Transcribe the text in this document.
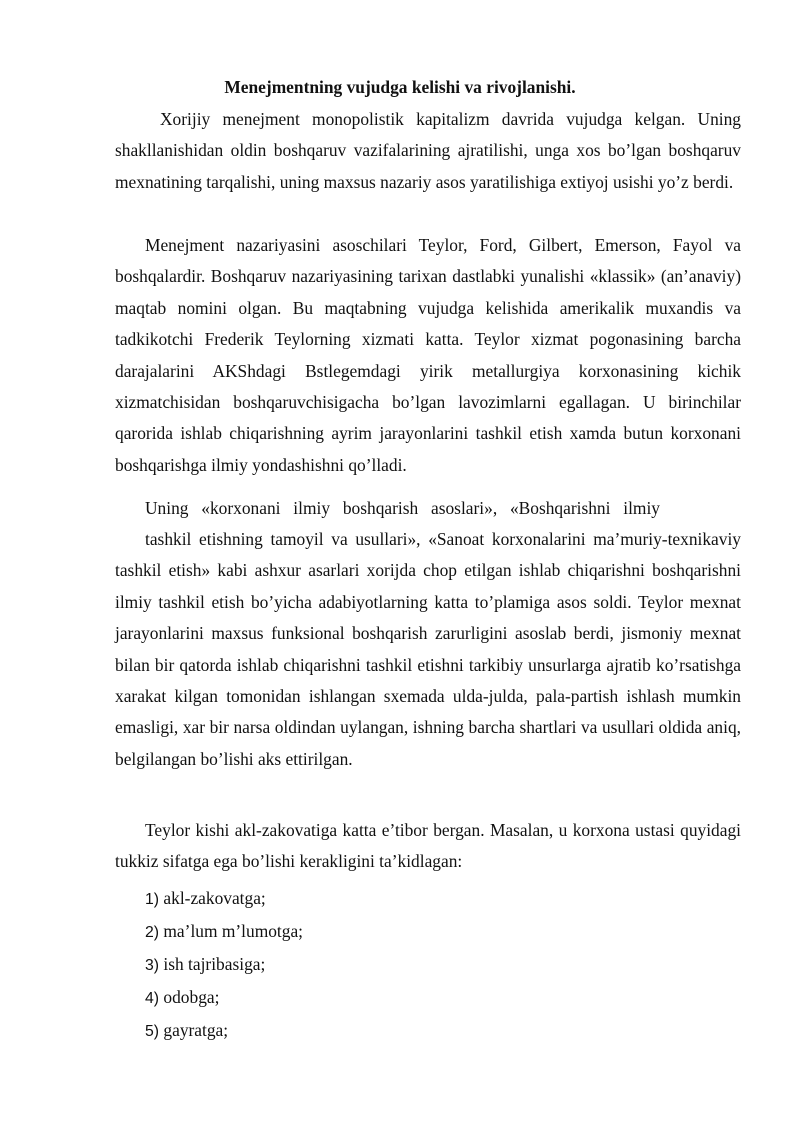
Menejmentning vujudga kelishi va rivojlanishi.

Xorijiy menejment monopolistik kapitalizm davrida vujudga kelgan. Uning shakllanishidan oldin boshqaruv vazifalarining ajratilishi, unga xos bo’lgan boshqaruv mexnatining tarqalishi, uning maxsus nazariy asos yaratilishiga extiyoj usishi yo’z berdi.

Menejment nazariyasini asoschilari Teylor, Ford, Gilbert, Emerson, Fayol va boshqalardir. Boshqaruv nazariyasining tarixan dastlabki yunalishi «klassik» (an’anaviy) maqtab nomini olgan. Bu maqtabning vujudga kelishida amerikalik muxandis va tadkikotchi Frederik Teylorning xizmati katta. Teylor xizmat pogonasining barcha darajalarini AKShdagi Bstlegemdagi yirik metallurgiya korxonasining kichik xizmatchisidan boshqaruvchisigacha bo’lgan lavozimlarni egallagan. U birinchilar qarorida ishlab chiqarishning ayrim jarayonlarini tashkil etish xamda butun korxonani boshqarishga ilmiy yondashishni qo’lladi.

Uning «korxonani ilmiy boshqarish asoslari», «Boshqarishni ilmiy

tashkil etishning tamoyil va usullari», «Sanoat korxonalarini ma’muriy-texnikaviy tashkil etish» kabi ashxur asarlari xorijda chop etilgan ishlab chiqarishni boshqarishni ilmiy tashkil etish bo’yicha adabiyotlarning katta to’plamiga asos soldi. Teylor mexnat jarayonlarini maxsus funksional boshqarish zarurligini asoslab berdi, jismoniy mexnat bilan bir qatorda ishlab chiqarishni tashkil etishni tarkibiy unsurlarga ajratib ko’rsatishga xarakat kilgan tomonidan ishlangan sxemada ulda-julda, pala-partish ishlash mumkin emasligi, xar bir narsa oldindan uylangan, ishning barcha shartlari va usullari oldida aniq, belgilangan bo’lishi aks ettirilgan.

Teylor kishi akl-zakovatiga katta e’tibor bergan. Masalan, u korxona ustasi quyidagi tukkiz sifatga ega bo’lishi kerakligini ta’kidlagan:

1) akl-zakovatga;

2) ma’lum m’lumotga;

3) ish tajribasiga;

4) odobga;

5) gayratga;
